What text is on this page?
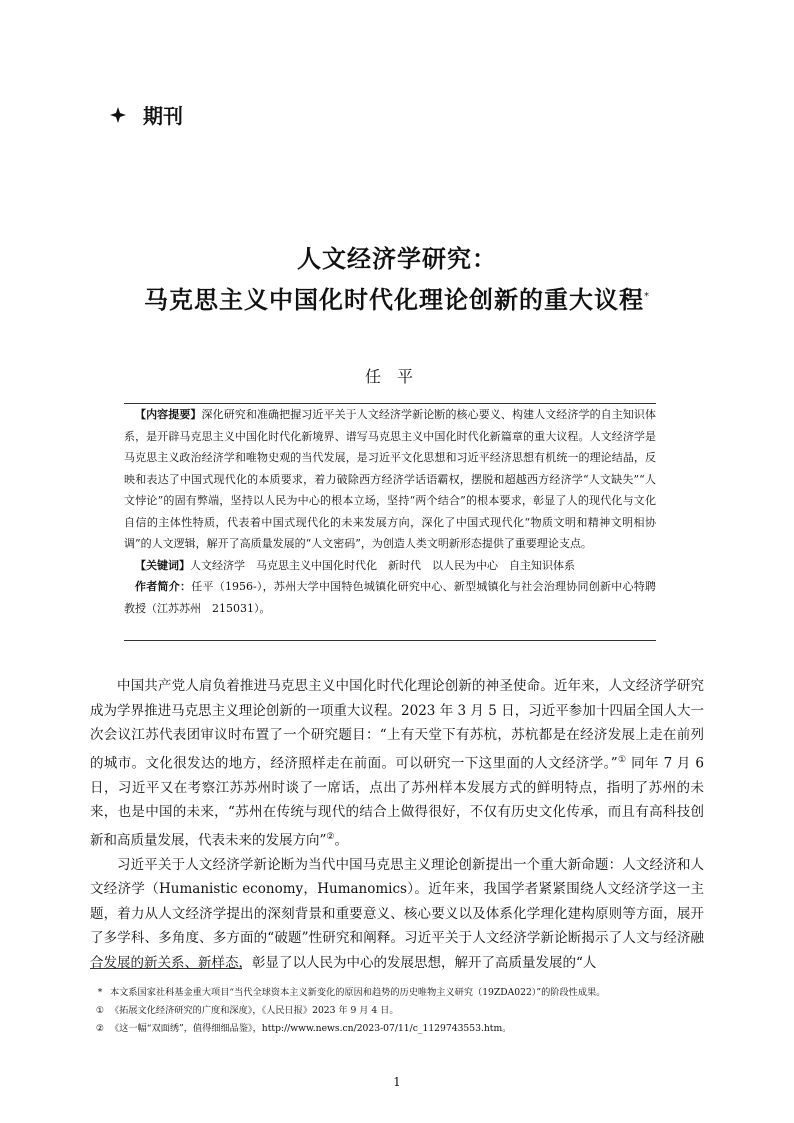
期刊
人文经济学研究：
马克思主义中国化时代化理论创新的重大议程*
任平

【内容提要】深化研究和准确把握习近平关于人文经济学新论断的核心要义、构建人文经济学的自主知识体系，是开辟马克思主义中国化时代化新境界、谱写马克思主义中国化时代化新篇章的重大议程。人文经济学是马克思主义政治经济学和唯物史观的当代发展，是习近平文化思想和习近平经济思想有机统一的理论结晶，反映和表达了中国式现代化的本质要求，着力破除西方经济学话语霸权，摆脱和超越西方经济学“人文缺失”“人文悖论”的固有弊端，坚持以人民为中心的根本立场，坚持“两个结合”的根本要求，彰显了人的现代化与文化自信的主体性特质，代表着中国式现代化的未来发展方向，深化了中国式现代化“物质文明和精神文明相协调”的人文逻辑，解开了高质量发展的“人文密码”，为创造人类文明新形态提供了重要理论支点。

【关键词】人文经济学　马克思主义中国化时代化　新时代　以人民为中心　自主知识体系

作者简介：任平（1956-），苏州大学中国特色城镇化研究中心、新型城镇化与社会治理协同创新中心特聘教授（江苏苏州　215031）。

中国共产党人肩负着推进马克思主义中国化时代化理论创新的神圣使命。近年来，人文经济学研究成为学界推进马克思主义理论创新的一项重大议程。2023 年 3 月 5 日，习近平参加十四届全国人大一次会议江苏代表团审议时布置了一个研究题目：“上有天堂下有苏杭，苏杭都是在经济发展上走在前列的城市。文化很发达的地方，经济照样走在前面。可以研究一下这里面的人文经济学。”① 同年 7 月 6 日，习近平又在考察江苏苏州时谈了一席话，点出了苏州样本发展方式的鲜明特点，指明了苏州的未来，也是中国的未来，“苏州在传统与现代的结合上做得很好，不仅有历史文化传承，而且有高科技创新和高质量发展，代表未来的发展方向”②。

习近平关于人文经济学新论断为当代中国马克思主义理论创新提出一个重大新命题：人文经济和人文经济学（Humanistic economy，Humanomics）。近年来，我国学者紧紧围绕人文经济学这一主题，着力从人文经济学提出的深刻背景和重要意义、核心要义以及体系化学理化建构原则等方面，展开了多学科、多角度、多方面的“破题”性研究和阐释。习近平关于人文经济学新论断揭示了人文与经济融合发展的新关系、新样态，彰显了以人民为中心的发展思想，解开了高质量发展的“人

* 本文系国家社科基金重大项目“当代全球资本主义新变化的原因和趋势的历史唯物主义研究（19ZDA022）”的阶段性成果。

① 《拓展文化经济研究的广度和深度》，《人民日报》2023 年 9 月 4 日。

② 《这一幅“双面绣”，值得细细品鉴》，http://www.news.cn/2023-07/11/c_1129743553.htm。

1
